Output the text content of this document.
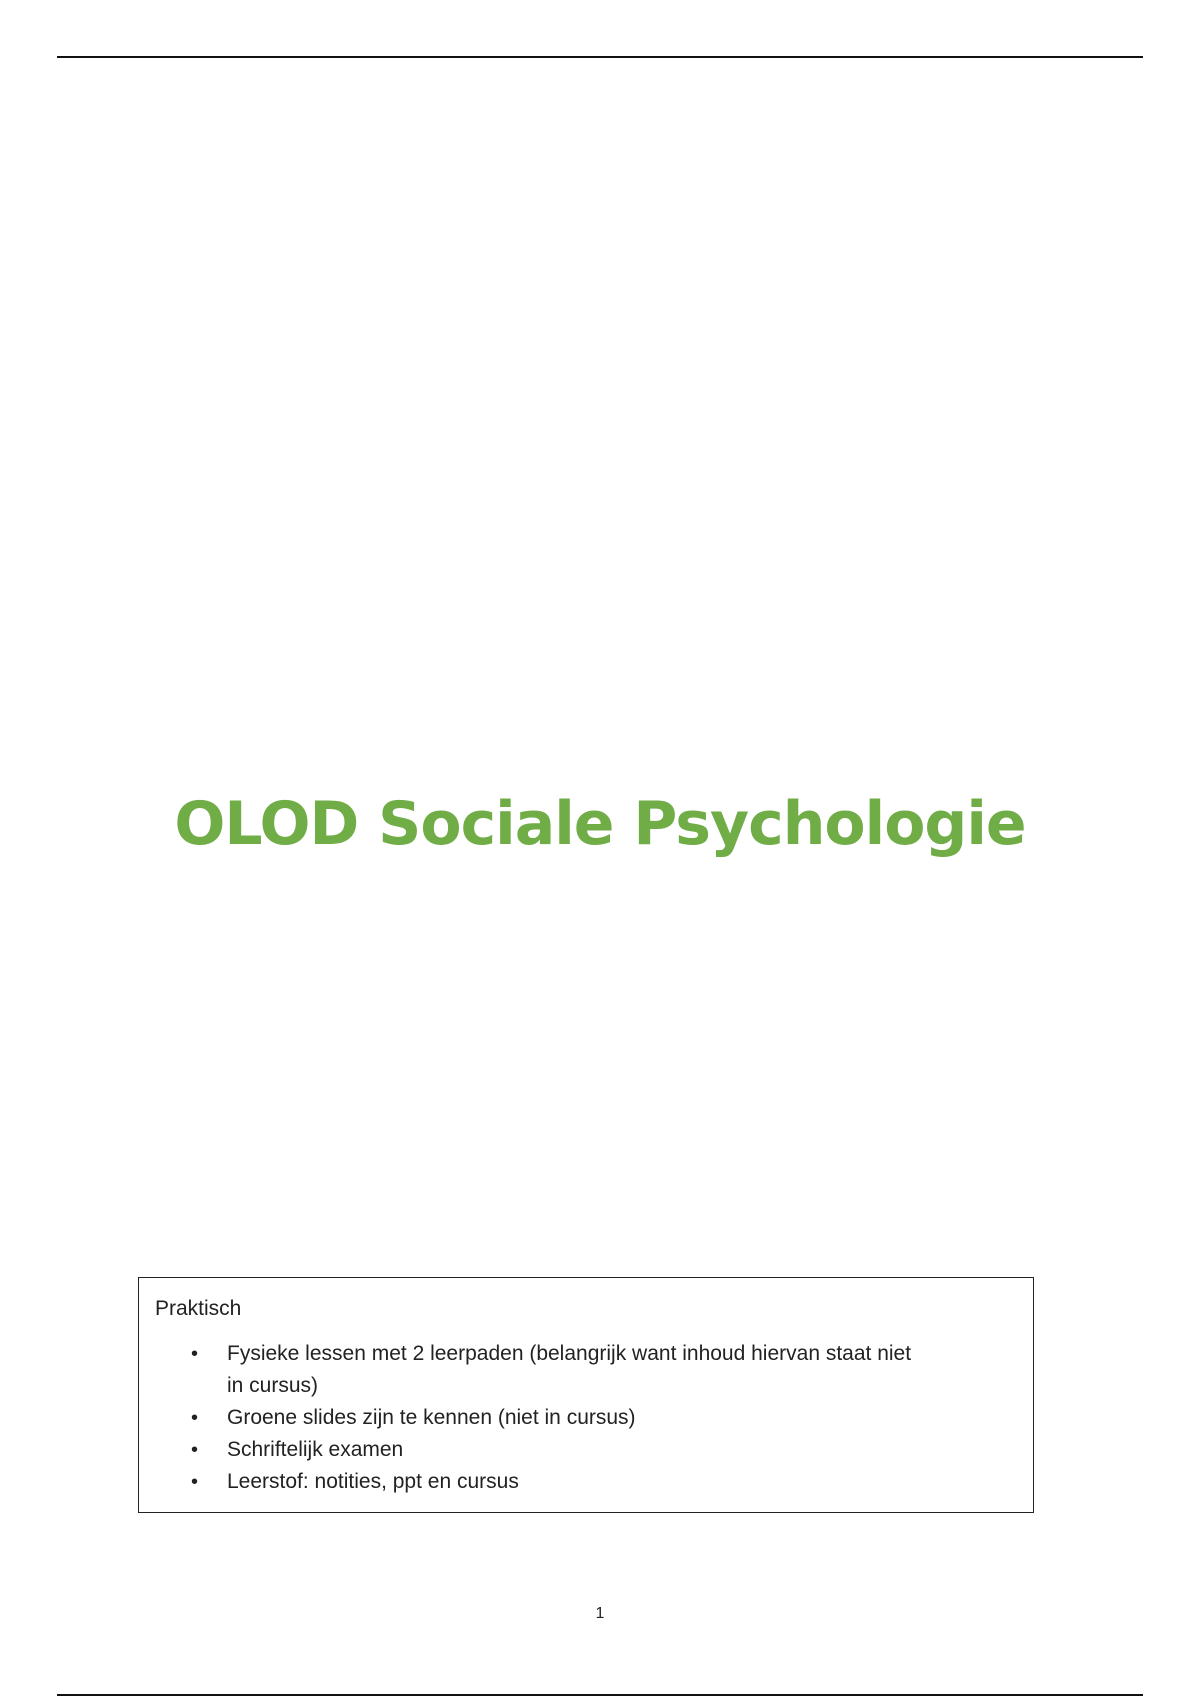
OLOD Sociale Psychologie

Praktisch

• Fysieke lessen met 2 leerpaden (belangrijk want inhoud hiervan staat niet in cursus)
• Groene slides zijn te kennen (niet in cursus)
• Schriftelijk examen
• Leerstof: notities, ppt en cursus
1
